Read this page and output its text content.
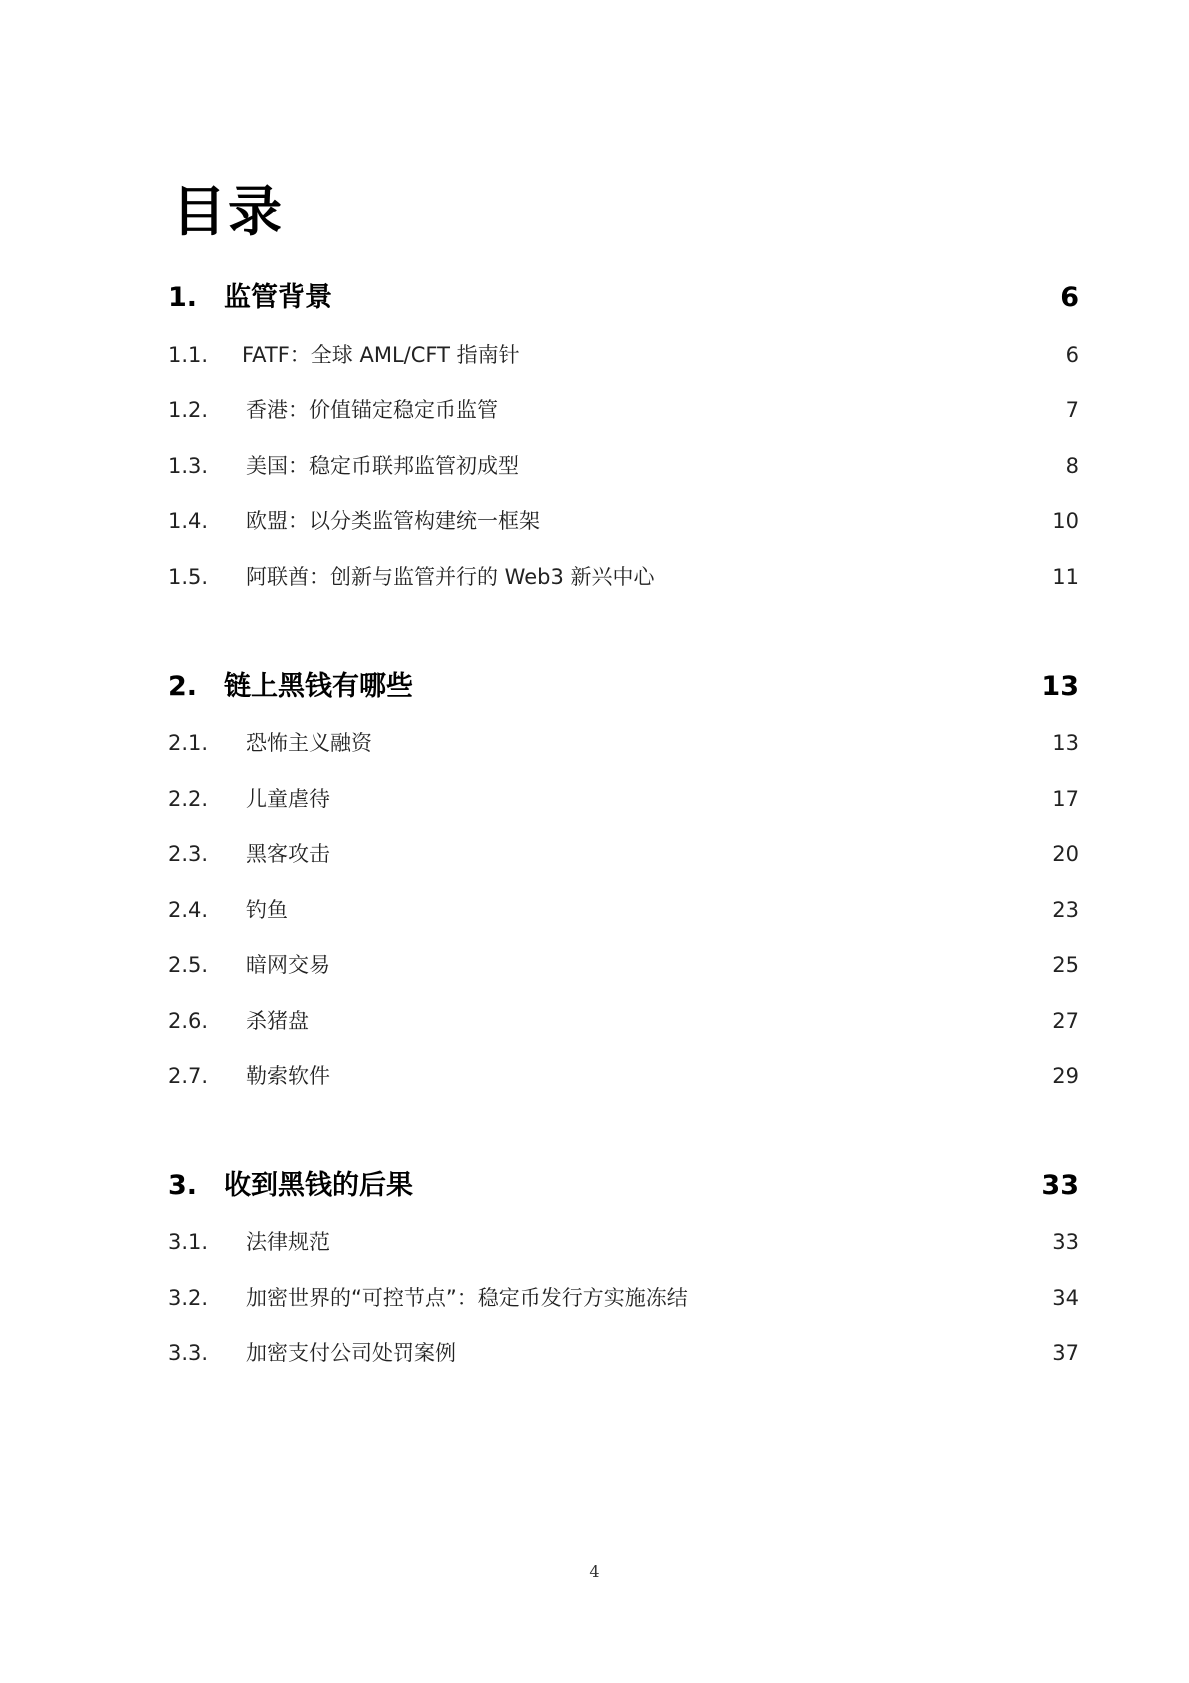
目录
1. 监管背景	6
1.1. FATF：全球 AML/CFT 指南针	6
1.2. 香港：价值锚定稳定币监管	7
1.3. 美国：稳定币联邦监管初成型	8
1.4. 欧盟：以分类监管构建统一框架	10
1.5. 阿联酋：创新与监管并行的 Web3 新兴中心	11
2. 链上黑钱有哪些	13
2.1. 恐怖主义融资	13
2.2. 儿童虐待	17
2.3. 黑客攻击	20
2.4. 钓鱼	23
2.5. 暗网交易	25
2.6. 杀猪盘	27
2.7. 勒索软件	29
3. 收到黑钱的后果	33
3.1. 法律规范	33
3.2. 加密世界的“可控节点”：稳定币发行方实施冻结	34
3.3. 加密支付公司处罚案例	37
4
